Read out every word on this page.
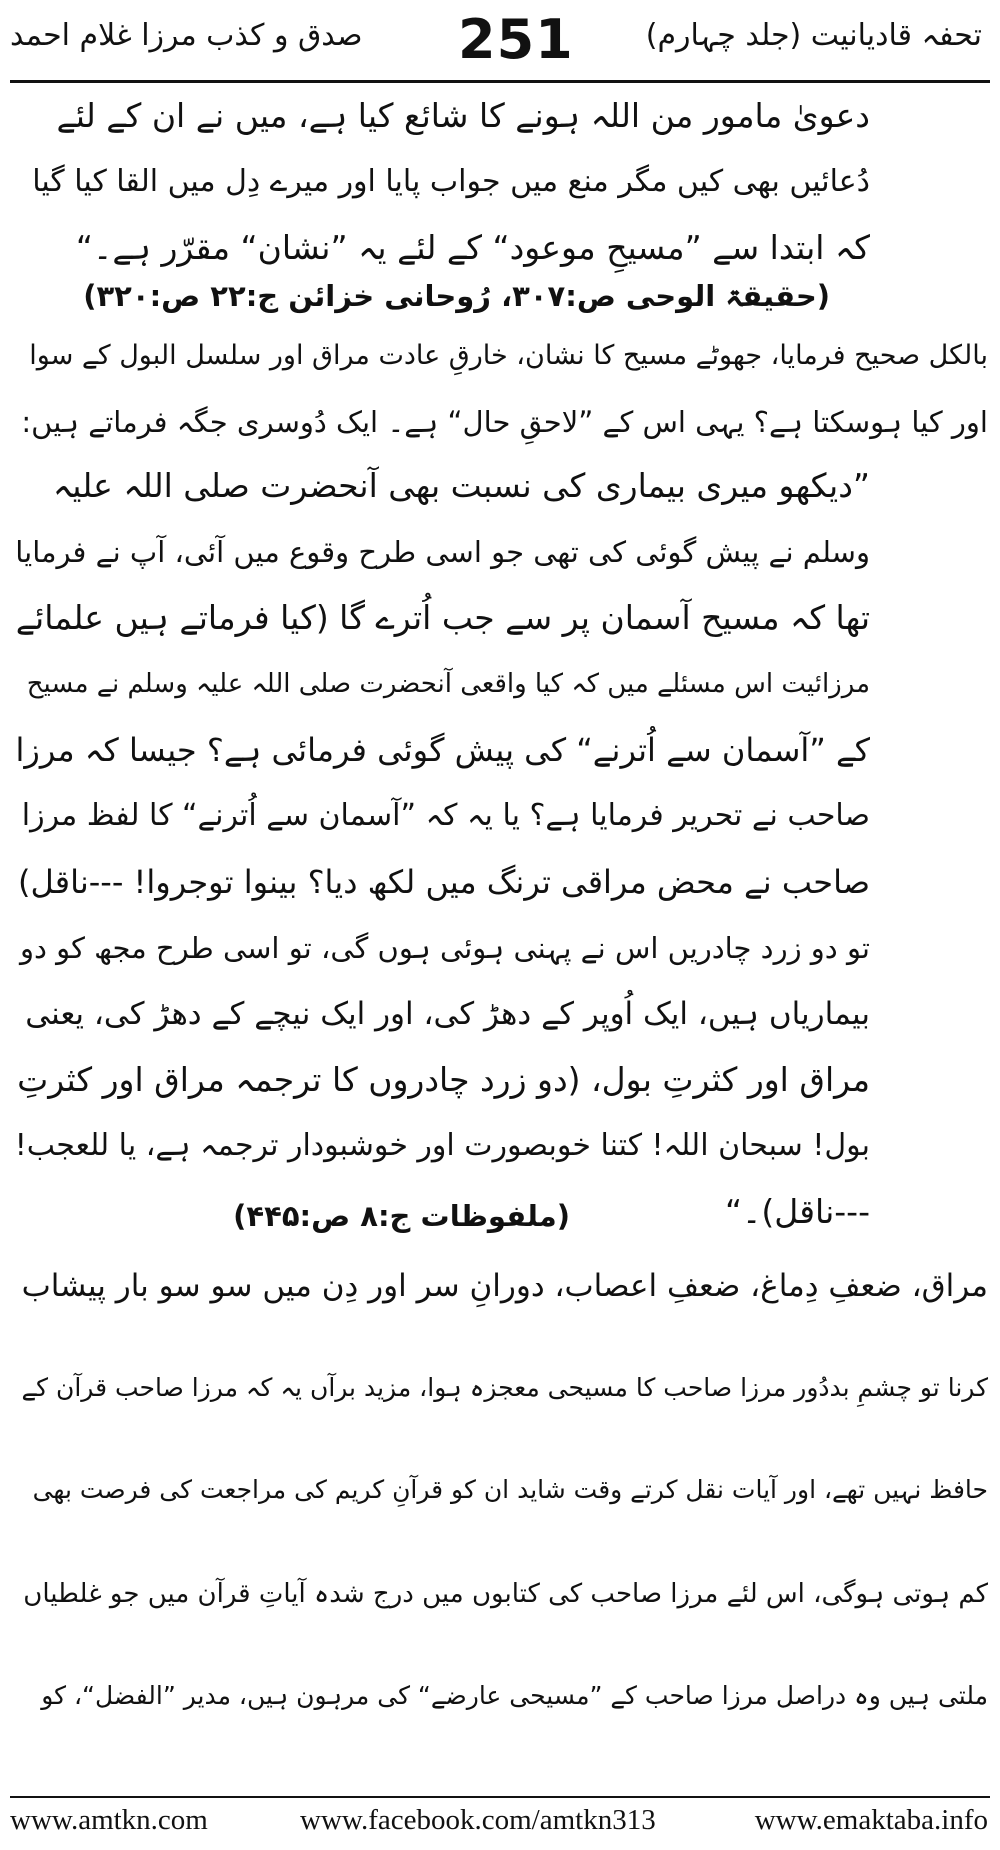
تحفہ قادیانیت (جلد چہارم)
251
صدق و کذب مرزا غلام احمد
دعویٰ مامور من اللہ ہونے کا شائع کیا ہے، میں نے ان کے لئے
دُعائیں بھی کیں مگر منع میں جواب پایا اور میرے دِل میں القا کیا گیا
کہ ابتدا سے ”مسیحِ موعود“ کے لئے یہ ”نشان“ مقرّر ہے۔“
(حقیقۃ الوحی ص:۳۰۷، رُوحانی خزائن ج:۲۲ ص:۳۲۰)
بالکل صحیح فرمایا، جھوٹے مسیح کا نشان، خارقِ عادت مراق اور سلسل البول کے سوا
اور کیا ہوسکتا ہے؟ یہی اس کے ”لاحقِ حال“ ہے۔ ایک دُوسری جگہ فرماتے ہیں:
”دیکھو میری بیماری کی نسبت بھی آنحضرت صلی اللہ علیہ
وسلم نے پیش گوئی کی تھی جو اسی طرح وقوع میں آئی، آپ نے فرمایا
تھا کہ مسیح آسمان پر سے جب اُترے گا (کیا فرماتے ہیں علمائے
مرزائیت اس مسئلے میں کہ کیا واقعی آنحضرت صلی اللہ علیہ وسلم نے مسیح
کے ”آسمان سے اُترنے“ کی پیش گوئی فرمائی ہے؟ جیسا کہ مرزا
صاحب نے تحریر فرمایا ہے؟ یا یہ کہ ”آسمان سے اُترنے“ کا لفظ مرزا
صاحب نے محض مراقی ترنگ میں لکھ دیا؟ بینوا توجروا! ---ناقل)
تو دو زرد چادریں اس نے پہنی ہوئی ہوں گی، تو اسی طرح مجھ کو دو
بیماریاں ہیں، ایک اُوپر کے دھڑ کی، اور ایک نیچے کے دھڑ کی، یعنی
مراق اور کثرتِ بول، (دو زرد چادروں کا ترجمہ مراق اور کثرتِ
بول! سبحان اللہ! کتنا خوبصورت اور خوشبودار ترجمہ ہے، یا للعجب!
---ناقل)۔“
(ملفوظات ج:۸ ص:۴۴۵)
مراق، ضعفِ دِماغ، ضعفِ اعصاب، دورانِ سر اور دِن میں سو سو بار پیشاب
کرنا تو چشمِ بددُور مرزا صاحب کا مسیحی معجزہ ہوا، مزید برآں یہ کہ مرزا صاحب قرآن کے
حافظ نہیں تھے، اور آیات نقل کرتے وقت شاید ان کو قرآنِ کریم کی مراجعت کی فرصت بھی
کم ہوتی ہوگی، اس لئے مرزا صاحب کی کتابوں میں درج شدہ آیاتِ قرآن میں جو غلطیاں
ملتی ہیں وہ دراصل مرزا صاحب کے ”مسیحی عارضے“ کی مرہون ہیں، مدیر ”الفضل“، کو
www.amtkn.com	www.facebook.com/amtkn313	www.emaktaba.info
